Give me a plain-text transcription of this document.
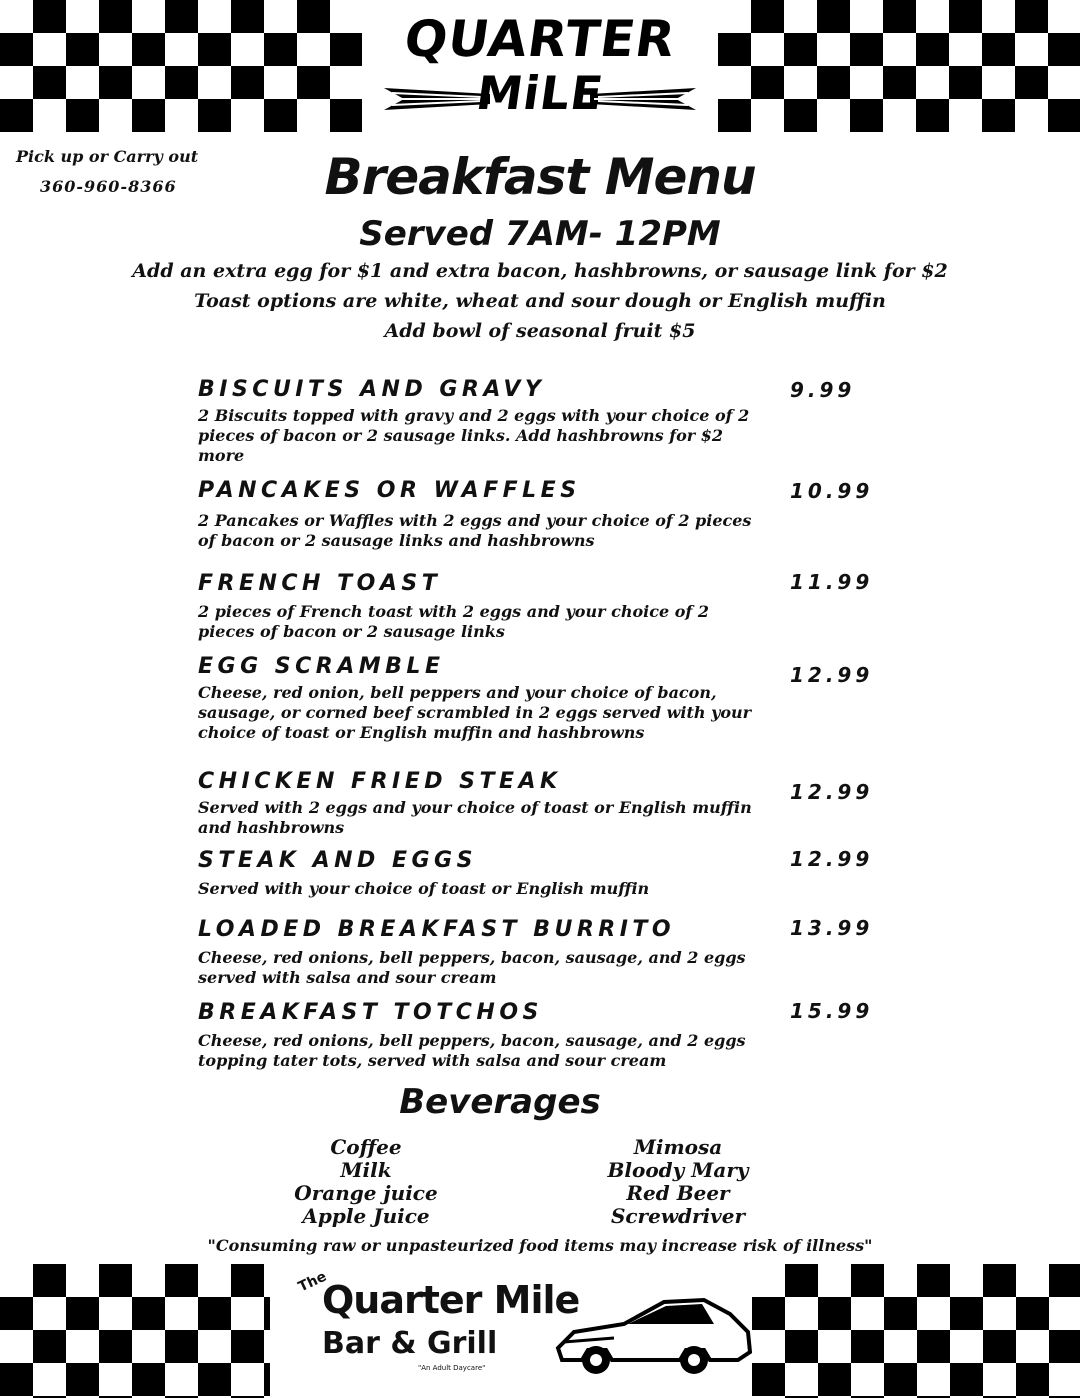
QUARTER
MiLE
Pick up or Carry out
360-960-8366	Breakfast Menu
Served 7AM- 12PM
Add an extra egg for $1 and extra bacon, hashbrowns, or sausage link for $2
Toast options are white, wheat and sour dough or English muffin
Add bowl of seasonal fruit $5
BISCUITS AND GRAVY	9.99
2 Biscuits topped with gravy and 2 eggs with your choice of 2 pieces of bacon or 2 sausage links. Add hashbrowns for $2 more
PANCAKES OR WAFFLES	10.99
2 Pancakes or Waffles with 2 eggs and your choice of 2 pieces of bacon or 2 sausage links and hashbrowns
FRENCH TOAST	11.99
2 pieces of French toast with 2 eggs and your choice of 2 pieces of bacon or 2 sausage links
EGG SCRAMBLE	12.99
Cheese, red onion, bell peppers and your choice of bacon, sausage, or corned beef scrambled in 2 eggs served with your choice of toast or English muffin and hashbrowns
CHICKEN FRIED STEAK	12.99
Served with 2 eggs and your choice of toast or English muffin and hashbrowns
STEAK AND EGGS	12.99
Served with your choice of toast or English muffin
LOADED BREAKFAST BURRITO	13.99
Cheese, red onions, bell peppers, bacon, sausage, and 2 eggs served with salsa and sour cream
BREAKFAST TOTCHOS	15.99
Cheese, red onions, bell peppers, bacon, sausage, and 2 eggs topping tater tots, served with salsa and sour cream
Beverages
Coffee
Milk
Orange juice
Apple Juice
Mimosa
Bloody Mary
Red Beer
Screwdriver
"Consuming raw or unpasteurized food items may increase risk of illness"
The
Quarter Mile
Bar & Grill
"An Adult Daycare"
